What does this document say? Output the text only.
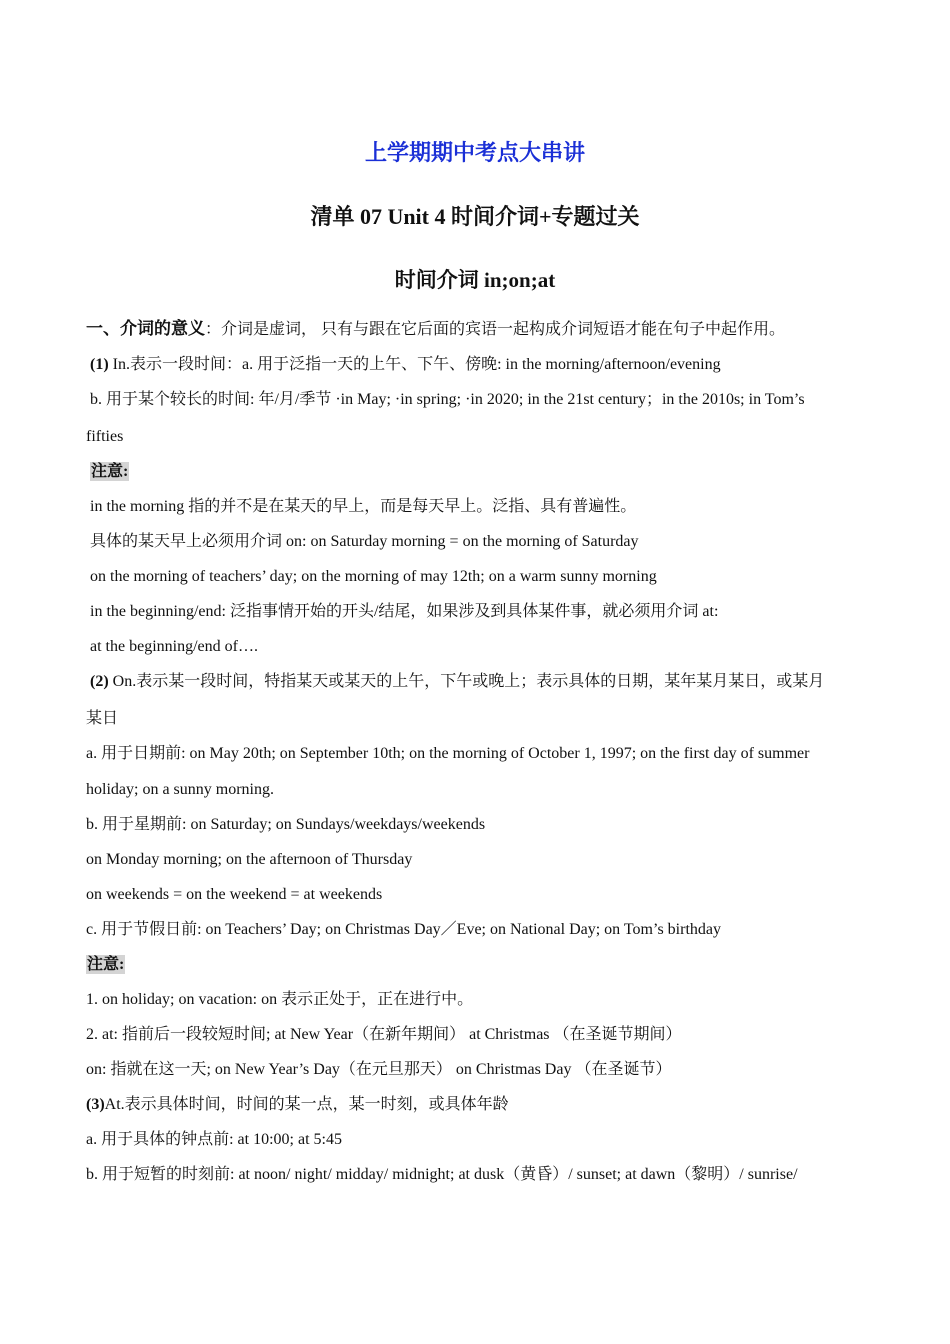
上学期期中考点大串讲
清单 07 Unit 4 时间介词+专题过关
时间介词 in;on;at
一、介词的意义：介词是虚词， 只有与跟在它后面的宾语一起构成介词短语才能在句子中起作用。
(1) In.表示一段时间：a. 用于泛指一天的上午、下午、傍晚: in the morning/afternoon/evening
b. 用于某个较长的时间: 年/月/季节 ·in May; ·in spring; ·in 2020; in the 21st century；in the 2010s; in Tom’s
fifties
注意:
in the morning 指的并不是在某天的早上，而是每天早上。泛指、具有普遍性。
具体的某天早上必须用介词 on: on Saturday morning = on the morning of Saturday
on the morning of teachers’ day; on the morning of may 12th; on a warm sunny morning
in the beginning/end: 泛指事情开始的开头/结尾，如果涉及到具体某件事，就必须用介词 at:
at the beginning/end of….
(2) On.表示某一段时间，特指某天或某天的上午，下午或晚上；表示具体的日期，某年某月某日，或某月
某日
a. 用于日期前: on May 20th; on September 10th; on the morning of October 1, 1997; on the first day of summer
holiday; on a sunny morning.
b. 用于星期前: on Saturday; on Sundays/weekdays/weekends
on Monday morning; on the afternoon of Thursday
on weekends = on the weekend = at weekends
c. 用于节假日前: on Teachers’ Day; on Christmas Day／Eve; on National Day; on Tom’s birthday
注意:
1. on holiday; on vacation: on 表示正处于，正在进行中。
2. at: 指前后一段较短时间; at New Year（在新年期间） at Christmas （在圣诞节期间）
on: 指就在这一天; on New Year’s Day（在元旦那天） on Christmas Day （在圣诞节）
(3)At.表示具体时间，时间的某一点，某一时刻，或具体年龄
a. 用于具体的钟点前: at 10:00; at 5:45
b. 用于短暂的时刻前: at noon/ night/ midday/ midnight; at dusk（黄昏）/ sunset; at dawn（黎明）/ sunrise/
